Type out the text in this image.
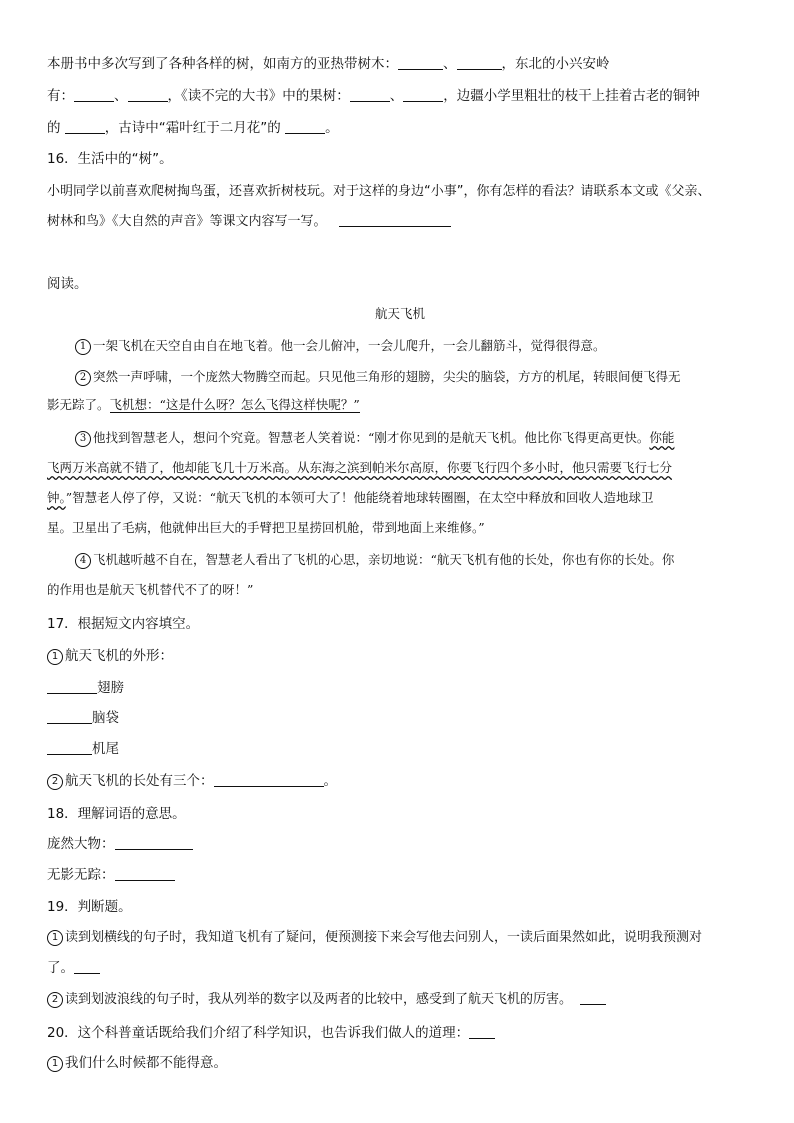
本册书中多次写到了各种各样的树，如南方的亚热带树木：	、	，东北的小兴安岭
有：	、	，《读不完的大书》中的果树：	、	，边疆小学里粗壮的枝干上挂着古老的铜钟
的	，古诗中“霜叶红于二月花”的	。
16．生活中的“树”。
小明同学以前喜欢爬树掏鸟蛋，还喜欢折树枝玩。对于这样的身边“小事”，你有怎样的看法？请联系本文或《父亲、
树林和鸟》《大自然的声音》等课文内容写一写。
阅读。
航天飞机
1 一架飞机在天空自由自在地飞着。他一会儿俯冲，一会儿爬升，一会儿翻筋斗，觉得很得意。
2 突然一声呼啸，一个庞然大物腾空而起。只见他三角形的翅膀，尖尖的脑袋，方方的机尾，转眼间便飞得无
影无踪了。飞机想：“这是什么呀？怎么飞得这样快呢？”
3 他找到智慧老人，想问个究竟。智慧老人笑着说：“刚才你见到的是航天飞机。他比你飞得更高更快。你能
飞两万米高就不错了，他却能飞几十万米高。从东海之滨到帕米尔高原，你要飞行四个多小时，他只需要飞行七分
钟。”智慧老人停了停，又说：“航天飞机的本领可大了！他能绕着地球转圈圈，在太空中释放和回收人造地球卫
星。卫星出了毛病，他就伸出巨大的手臂把卫星捞回机舱，带到地面上来维修。”
4 飞机越听越不自在，智慧老人看出了飞机的心思，亲切地说：“航天飞机有他的长处，你也有你的长处。你
的作用也是航天飞机替代不了的呀！”
17．根据短文内容填空。
1 航天飞机的外形：
翅膀
脑袋
机尾
2 航天飞机的长处有三个：	。
18．理解词语的意思。
庞然大物：
无影无踪：
19．判断题。
1 读到划横线的句子时，我知道飞机有了疑问，便预测接下来会写他去问别人，一读后面果然如此，说明我预测对
了。
2 读到划波浪线的句子时，我从列举的数字以及两者的比较中，感受到了航天飞机的厉害。
20．这个科普童话既给我们介绍了科学知识，也告诉我们做人的道理：
1 我们什么时候都不能得意。
